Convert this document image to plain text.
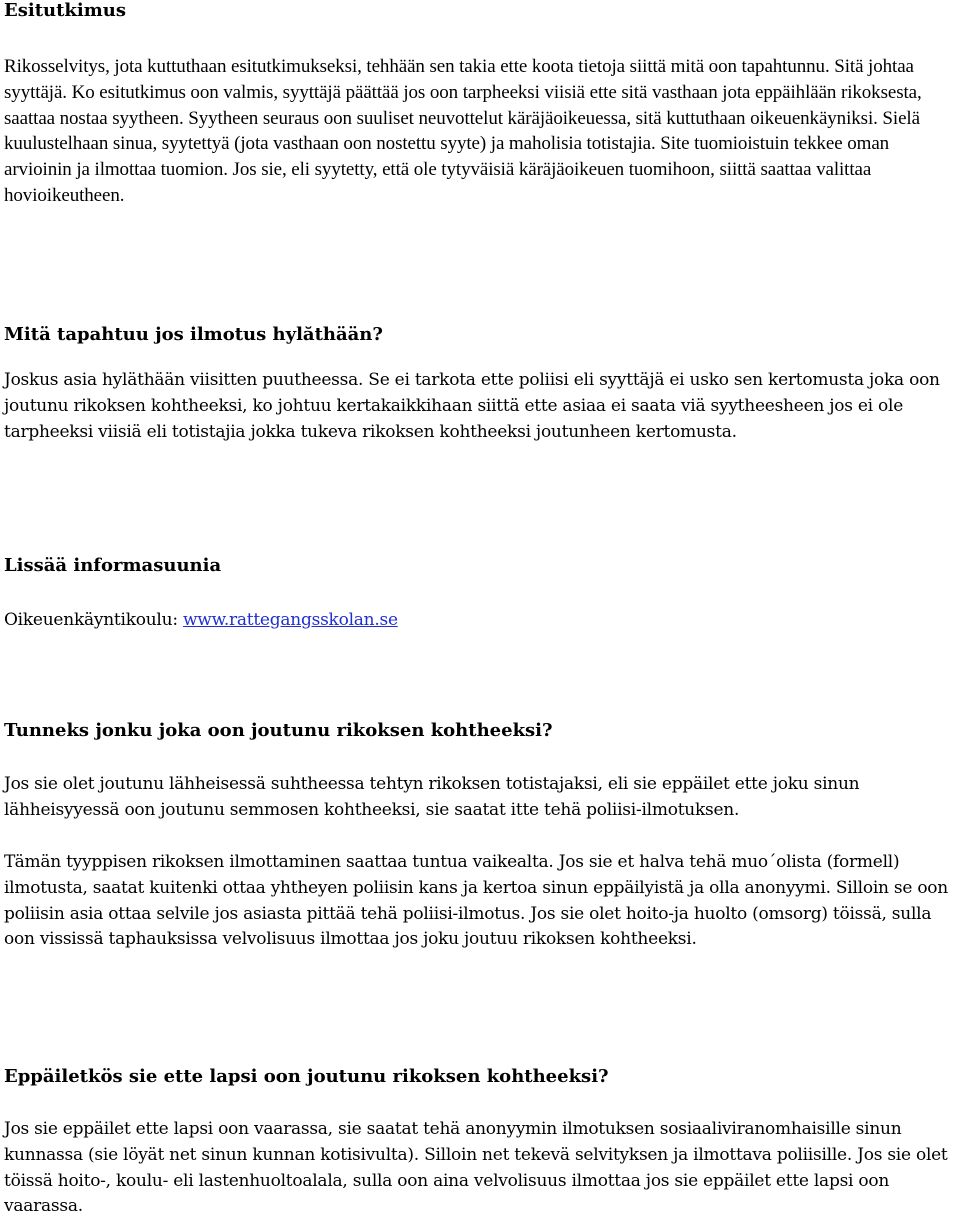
Esitutkimus

Rikosselvitys, jota kuttuthaan esitutkimukseksi, tehhään sen takia ette koota tietoja siittä mitä oon tapahtunnu. Sitä johtaa syyttäjä. Ko esitutkimus oon valmis, syyttäjä päättää jos oon tarpheeksi viisiä ette sitä vasthaan jota eppäihlään rikoksesta, saattaa nostaa syytheen. Syytheen seuraus oon suuliset neuvottelut käräjäoikeuessa, sitä kuttuthaan oikeuenkäyniksi. Sielä kuulustelhaan sinua, syytettyä (jota vasthaan oon nostettu syyte) ja maholisia totistajia. Site tuomioistuin tekkee oman arvioinin ja ilmottaa tuomion. Jos sie, eli syytetty, että ole tytyväisiä käräjäoikeuen tuomihoon, siittä saattaa valittaa hovioikeutheen.

Mitä tapahtuu jos ilmotus hylăthään?

Joskus asia hyläthään viisitten puutheessa. Se ei tarkota ette poliisi eli syyttäjä ei usko sen kertomusta joka oon joutunu rikoksen kohtheeksi, ko johtuu kertakaikkihaan siittä ette asiaa ei saata viä syytheesheen jos ei ole tarpheeksi viisiä eli totistajia jokka tukeva rikoksen kohtheeksi joutunheen kertomusta.

Lissää informasuunia

Oikeuenkäyntikoulu: www.rattegangsskolan.se

Tunneks jonku joka oon joutunu rikoksen kohtheeksi?

Jos sie olet joutunu lähheisessä suhtheessa tehtyn rikoksen totistajaksi, eli sie eppäilet ette joku sinun lähheisyyessä oon joutunu semmosen kohtheeksi, sie saatat itte tehä poliisi-ilmotuksen.

Tämän tyyppisen rikoksen ilmottaminen saattaa tuntua vaikealta. Jos sie et halva tehä muo´olista (formell) ilmotusta, saatat kuitenki ottaa yhtheyen poliisin kans ja kertoa sinun eppäilyistä ja olla anonyymi. Silloin se oon poliisin asia ottaa selvile jos asiasta pittää tehä poliisi-ilmotus. Jos sie olet hoito-ja huolto (omsorg) töissä, sulla oon vississä taphauksissa velvolisuus ilmottaa jos joku joutuu rikoksen kohtheeksi.

Eppäiletkös sie ette lapsi oon joutunu rikoksen kohtheeksi?

Jos sie eppäilet ette lapsi oon vaarassa, sie saatat tehä anonyymin ilmotuksen sosiaaliviranomhaisille sinun kunnassa (sie löyät net sinun kunnan kotisivulta). Silloin net tekevä selvityksen ja ilmottava poliisille. Jos sie olet töissä hoito-, koulu- eli lastenhuoltoalala, sulla oon aina velvolisuus ilmottaa jos sie eppäilet ette lapsi oon vaarassa.
